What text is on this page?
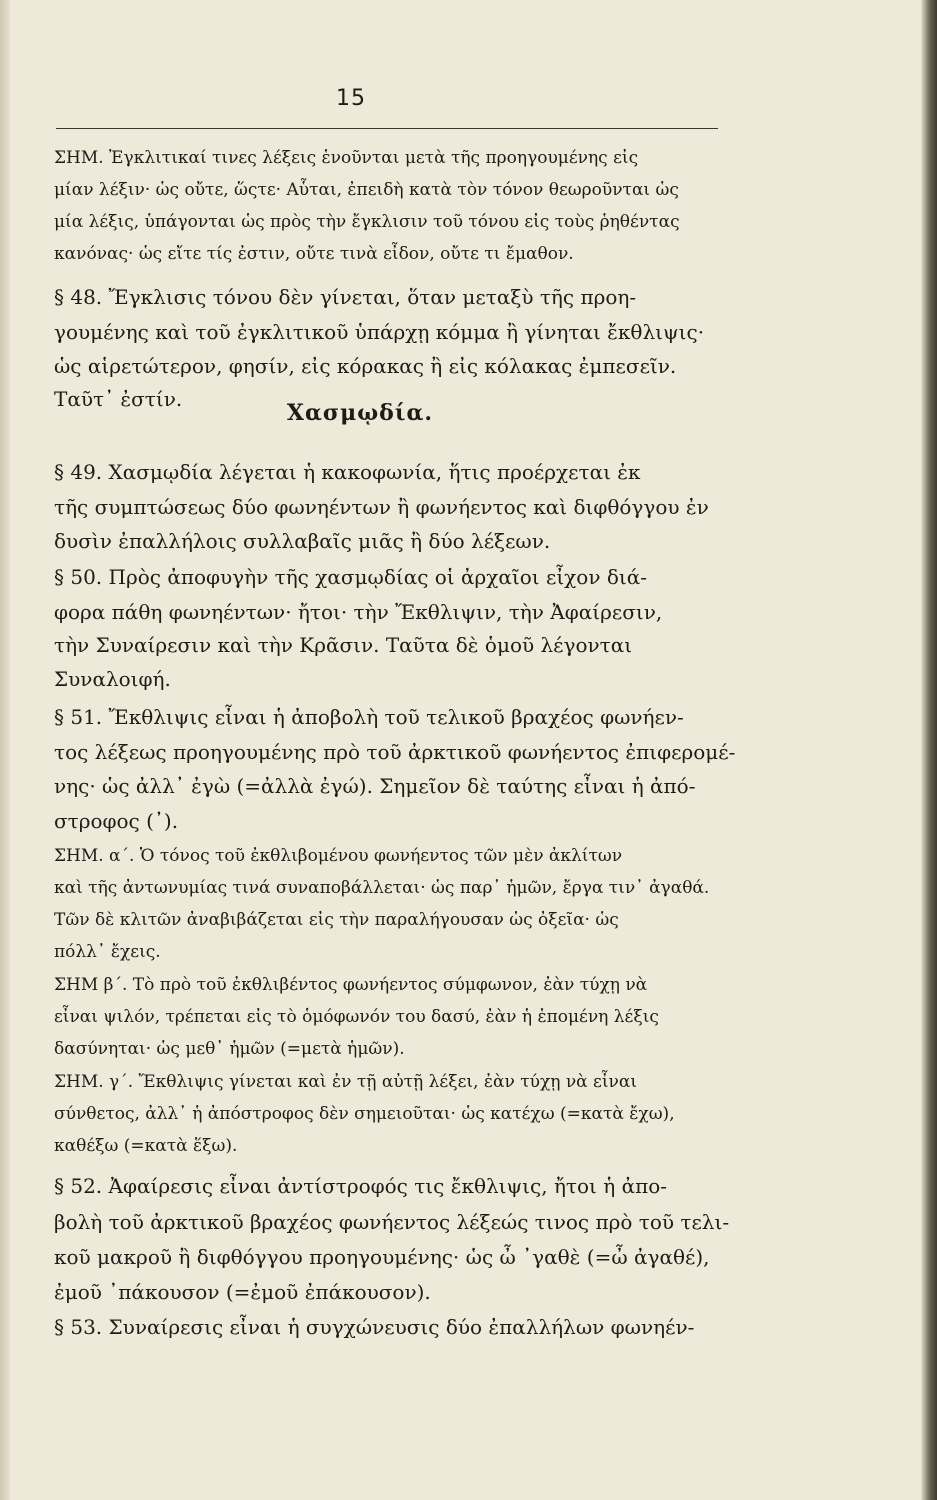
15
ΣΗΜ. Ἐγκλιτικαί τινες λέξεις ἑνοῦνται μετὰ τῆς προηγουμένης εἰς
μίαν λέξιν· ὡς οὔτε, ὥςτε· Αὗται, ἐπειδὴ κατὰ τὸν τόνον θεωροῦνται ὡς
μία λέξις, ὑπάγονται ὡς πρὸς τὴν ἔγκλισιν τοῦ τόνου εἰς τοὺς ῥηθέντας
κανόνας· ὡς εἴτε τίς ἐστιν, οὔτε τινὰ εἶδον, οὔτε τι ἔμαθον.
§ 48. Ἔγκλισις τόνου δὲν γίνεται, ὅταν μεταξὺ τῆς προη-
γουμένης καὶ τοῦ ἐγκλιτικοῦ ὑπάρχῃ κόμμα ἢ γίνηται ἔκθλιψις·
ὡς αἱρετώτερον, φησίν, εἰς κόρακας ἢ εἰς κόλακας ἐμπεσεῖν.
Ταῦτ᾽ ἐστίν.
Χασμῳδία.
§ 49. Χασμῳδία λέγεται ἡ κακοφωνία, ἥτις προέρχεται ἐκ
τῆς συμπτώσεως δύο φωνηέντων ἢ φωνήεντος καὶ διφθόγγου ἐν
δυσὶν ἐπαλλήλοις συλλαβαῖς μιᾶς ἢ δύο λέξεων.
§ 50. Πρὸς ἀποφυγὴν τῆς χασμῳδίας οἱ ἀρχαῖοι εἶχον διά-
φορα πάθη φωνηέντων· ἤτοι· τὴν Ἔκθλιψιν, τὴν Ἀφαίρεσιν,
τὴν Συναίρεσιν καὶ τὴν Κρᾶσιν. Ταῦτα δὲ ὁμοῦ λέγονται
Συναλοιφή.
§ 51. Ἔκθλιψις εἶναι ἡ ἀποβολὴ τοῦ τελικοῦ βραχέος φωνήεν-
τος λέξεως προηγουμένης πρὸ τοῦ ἀρκτικοῦ φωνήεντος ἐπιφερομέ-
νης· ὡς ἀλλ᾽ ἐγὼ (=ἀλλὰ ἐγώ). Σημεῖον δὲ ταύτης εἶναι ἡ ἀπό-
στροφος (᾽).
ΣΗΜ. α΄. Ὁ τόνος τοῦ ἐκθλιβομένου φωνήεντος τῶν μὲν ἀκλίτων
καὶ τῆς ἀντωνυμίας τινά συναποβάλλεται· ὡς παρ᾽ ἡμῶν, ἔργα τιν᾽ ἀγαθά.
Τῶν δὲ κλιτῶν ἀναβιβάζεται εἰς τὴν παραλήγουσαν ὡς ὀξεῖα· ὡς
πόλλ᾽ ἔχεις.
ΣΗΜ β΄. Τὸ πρὸ τοῦ ἐκθλιβέντος φωνήεντος σύμφωνον, ἐὰν τύχῃ νὰ
εἶναι ψιλόν, τρέπεται εἰς τὸ ὁμόφωνόν του δασύ, ἐὰν ἡ ἑπομένη λέξις
δασύνηται· ὡς μεθ᾽ ἡμῶν (=μετὰ ἡμῶν).
ΣΗΜ. γ΄. Ἔκθλιψις γίνεται καὶ ἐν τῇ αὐτῇ λέξει, ἐὰν τύχῃ νὰ εἶναι
σύνθετος, ἀλλ᾽ ἡ ἀπόστροφος δὲν σημειοῦται· ὡς κατέχω (=κατὰ ἔχω),
καθέξω (=κατὰ ἕξω).
§ 52. Ἀφαίρεσις εἶναι ἀντίστροφός τις ἔκθλιψις, ἤτοι ἡ ἀπο-
βολὴ τοῦ ἀρκτικοῦ βραχέος φωνήεντος λέξεώς τινος πρὸ τοῦ τελι-
κοῦ μακροῦ ἢ διφθόγγου προηγουμένης· ὡς ὦ ᾽γαθὲ (=ὦ ἀγαθέ),
ἐμοῦ ᾽πάκουσον (=ἐμοῦ ἐπάκουσον).
§ 53. Συναίρεσις εἶναι ἡ συγχώνευσις δύο ἐπαλλήλων φωνηέν-
